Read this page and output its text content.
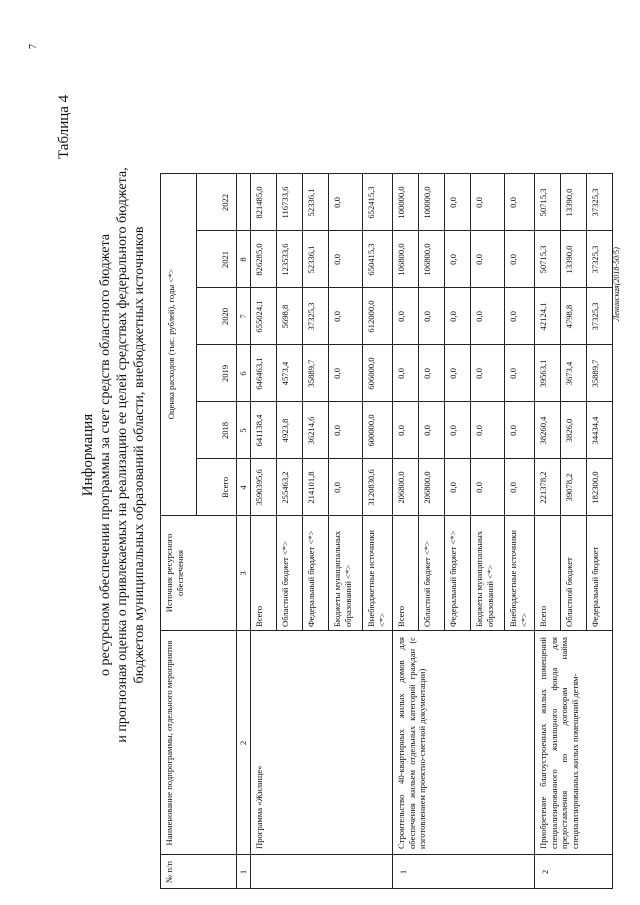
7
Таблица 4
Информация о ресурсном обеспечении программы за счет средств областного бюджета и прогнозная оценка о привлекаемых на реализацию ее целей средствах федерального бюджета, бюджетов муниципальных образований области, внебюджетных источников
№ п/п
Наименование подпрограммы, отдельного мероприятия
Источник ресурсного обеспечения
Оценка расходов (тыс. рублей), годы <*>
Всего
2018
2019
2020
2021
2022
1
2
3
4
5
6
7
8
Программа «Жилище»
Всего
3590395,6
641138,4
646463,1
655024,1
826285,0
821485,0
Областной бюджет <*>
255463,2
4923,8
4573,4
5698,8
123533,6
116733,6
Федеральный бюджет <*>
214101,8
36214,6
35889,7
37325,3
52336,1
52336,1
Бюджеты муниципальных образований <*>
0,0
0,0
0,0
0,0
0,0
0,0
Внебюджетные источники <*>
3120830,6
600000,0
606000,0
612000,0
650415,3
652415,3
1
Строительство 40-квартирных жилых домов для обеспечения жильем отдельных категорий граждан (с изготовлением проектно-сметной документации)
Всего
206800,0
0,0
0,0
0,0
106800,0
100000,0
Областной бюджет <*>
206800,0
0,0
0,0
0,0
106800,0
100000,0
Федеральный бюджет <*>
0,0
0,0
0,0
0,0
0,0
0,0
Бюджеты муниципальных образований <*>
0,0
0,0
0,0
0,0
0,0
0,0
Внебюджетные источники <*>
0,0
0,0
0,0
0,0
0,0
0,0
2
Приобретение благоустроенных жилых помещений специализированного жилищного фонда для предоставления по договорам найма специализированных жилых помещений детям-
Всего
221378,2
38260,4
39563,1
42124,1
50715,3
50715,3
Областной бюджет
39078,2
3826,0
3673,4
4798,8
13390,0
13390,0
Федеральный бюджет
182300,0
34434,4
35889,7
37325,3
37325,3
37325,3
Ленинская(2018-50/5)
